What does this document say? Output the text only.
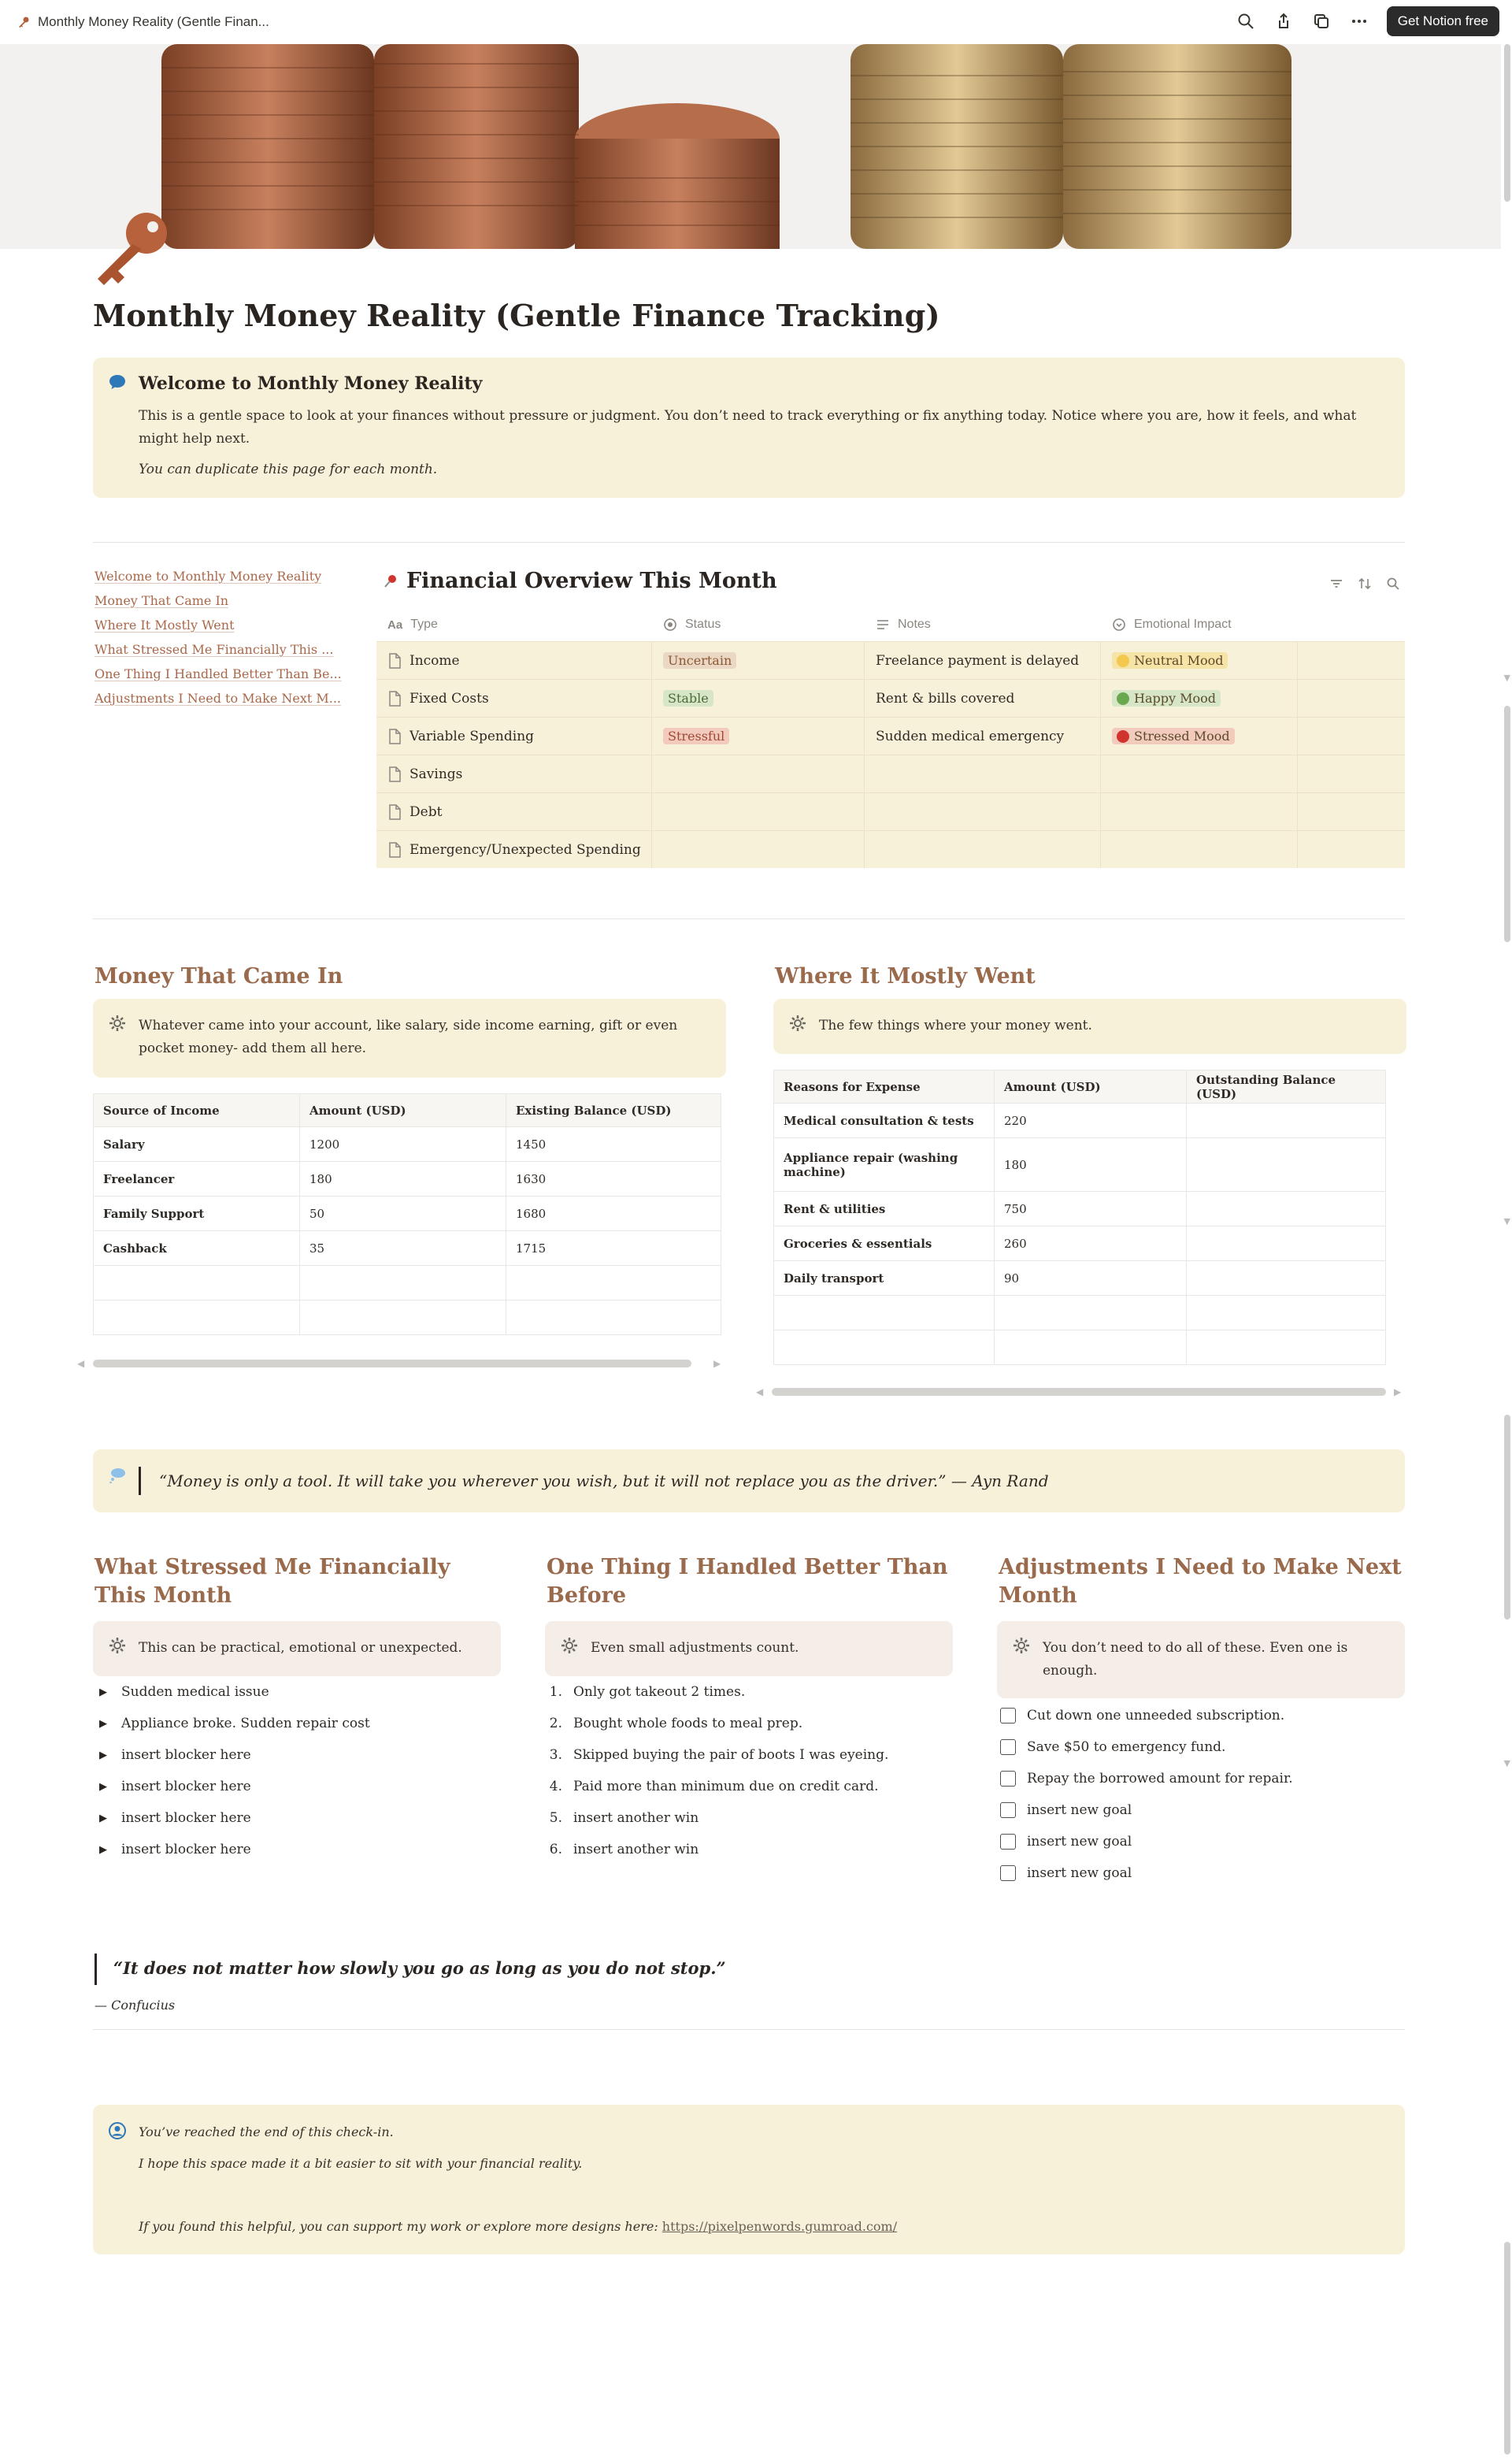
Monthly Money Reality (Gentle Finan...	Get Notion free
▼
▼
▼
Monthly Money Reality (Gentle Finance Tracking)
Welcome to Monthly Money Reality
This is a gentle space to look at your finances without pressure or judgment. You don’t need to track everything or fix anything today. Notice where you are, how it feels, and what might help next.
You can duplicate this page for each month.
Welcome to Monthly Money Reality
Money That Came In
Where It Mostly Went
What Stressed Me Financially This ...
One Thing I Handled Better Than Be...
Adjustments I Need to Make Next M...
Financial Overview This Month
Aa Type	Status	Notes	Emotional Impact
Income	Uncertain	Freelance payment is delayed	Neutral Mood
Fixed Costs	Stable	Rent & bills covered	Happy Mood
Variable Spending	Stressful	Sudden medical emergency	Stressed Mood
Savings
Debt
Emergency/Unexpected Spending
Money That Came In
Whatever came into your account, like salary, side income earning, gift or even pocket money- add them all here.
Source of Income	Amount (USD)	Existing Balance (USD)
Salary	1200	1450
Freelancer	180	1630
Family Support	50	1680
Cashback	35	1715

◀	▶
Where It Mostly Went
The few things where your money went.
Reasons for Expense	Amount (USD)	Outstanding Balance (USD)
Medical consultation & tests	220	
Appliance repair (washing machine)	180	
Rent & utilities	750	
Groceries & essentials	260	
Daily transport	90	

◀	▶
“Money is only a tool. It will take you wherever you wish, but it will not replace you as the driver.” — Ayn Rand
What Stressed Me Financially This Month
This can be practical, emotional or unexpected.
▶ Sudden medical issue
▶ Appliance broke. Sudden repair cost
▶ insert blocker here
▶ insert blocker here
▶ insert blocker here
▶ insert blocker here
One Thing I Handled Better Than Before
Even small adjustments count.
1. Only got takeout 2 times.
2. Bought whole foods to meal prep.
3. Skipped buying the pair of boots I was eyeing.
4. Paid more than minimum due on credit card.
5. insert another win
6. insert another win
Adjustments I Need to Make Next Month
You don’t need to do all of these. Even one is enough.
Cut down one unneeded subscription.
Save $50 to emergency fund.
Repay the borrowed amount for repair.
insert new goal
insert new goal
insert new goal
“It does not matter how slowly you go as long as you do not stop.”
— Confucius
You’ve reached the end of this check-in.
I hope this space made it a bit easier to sit with your financial reality.
If you found this helpful, you can support my work or explore more designs here: https://pixelpenwords.gumroad.com/
